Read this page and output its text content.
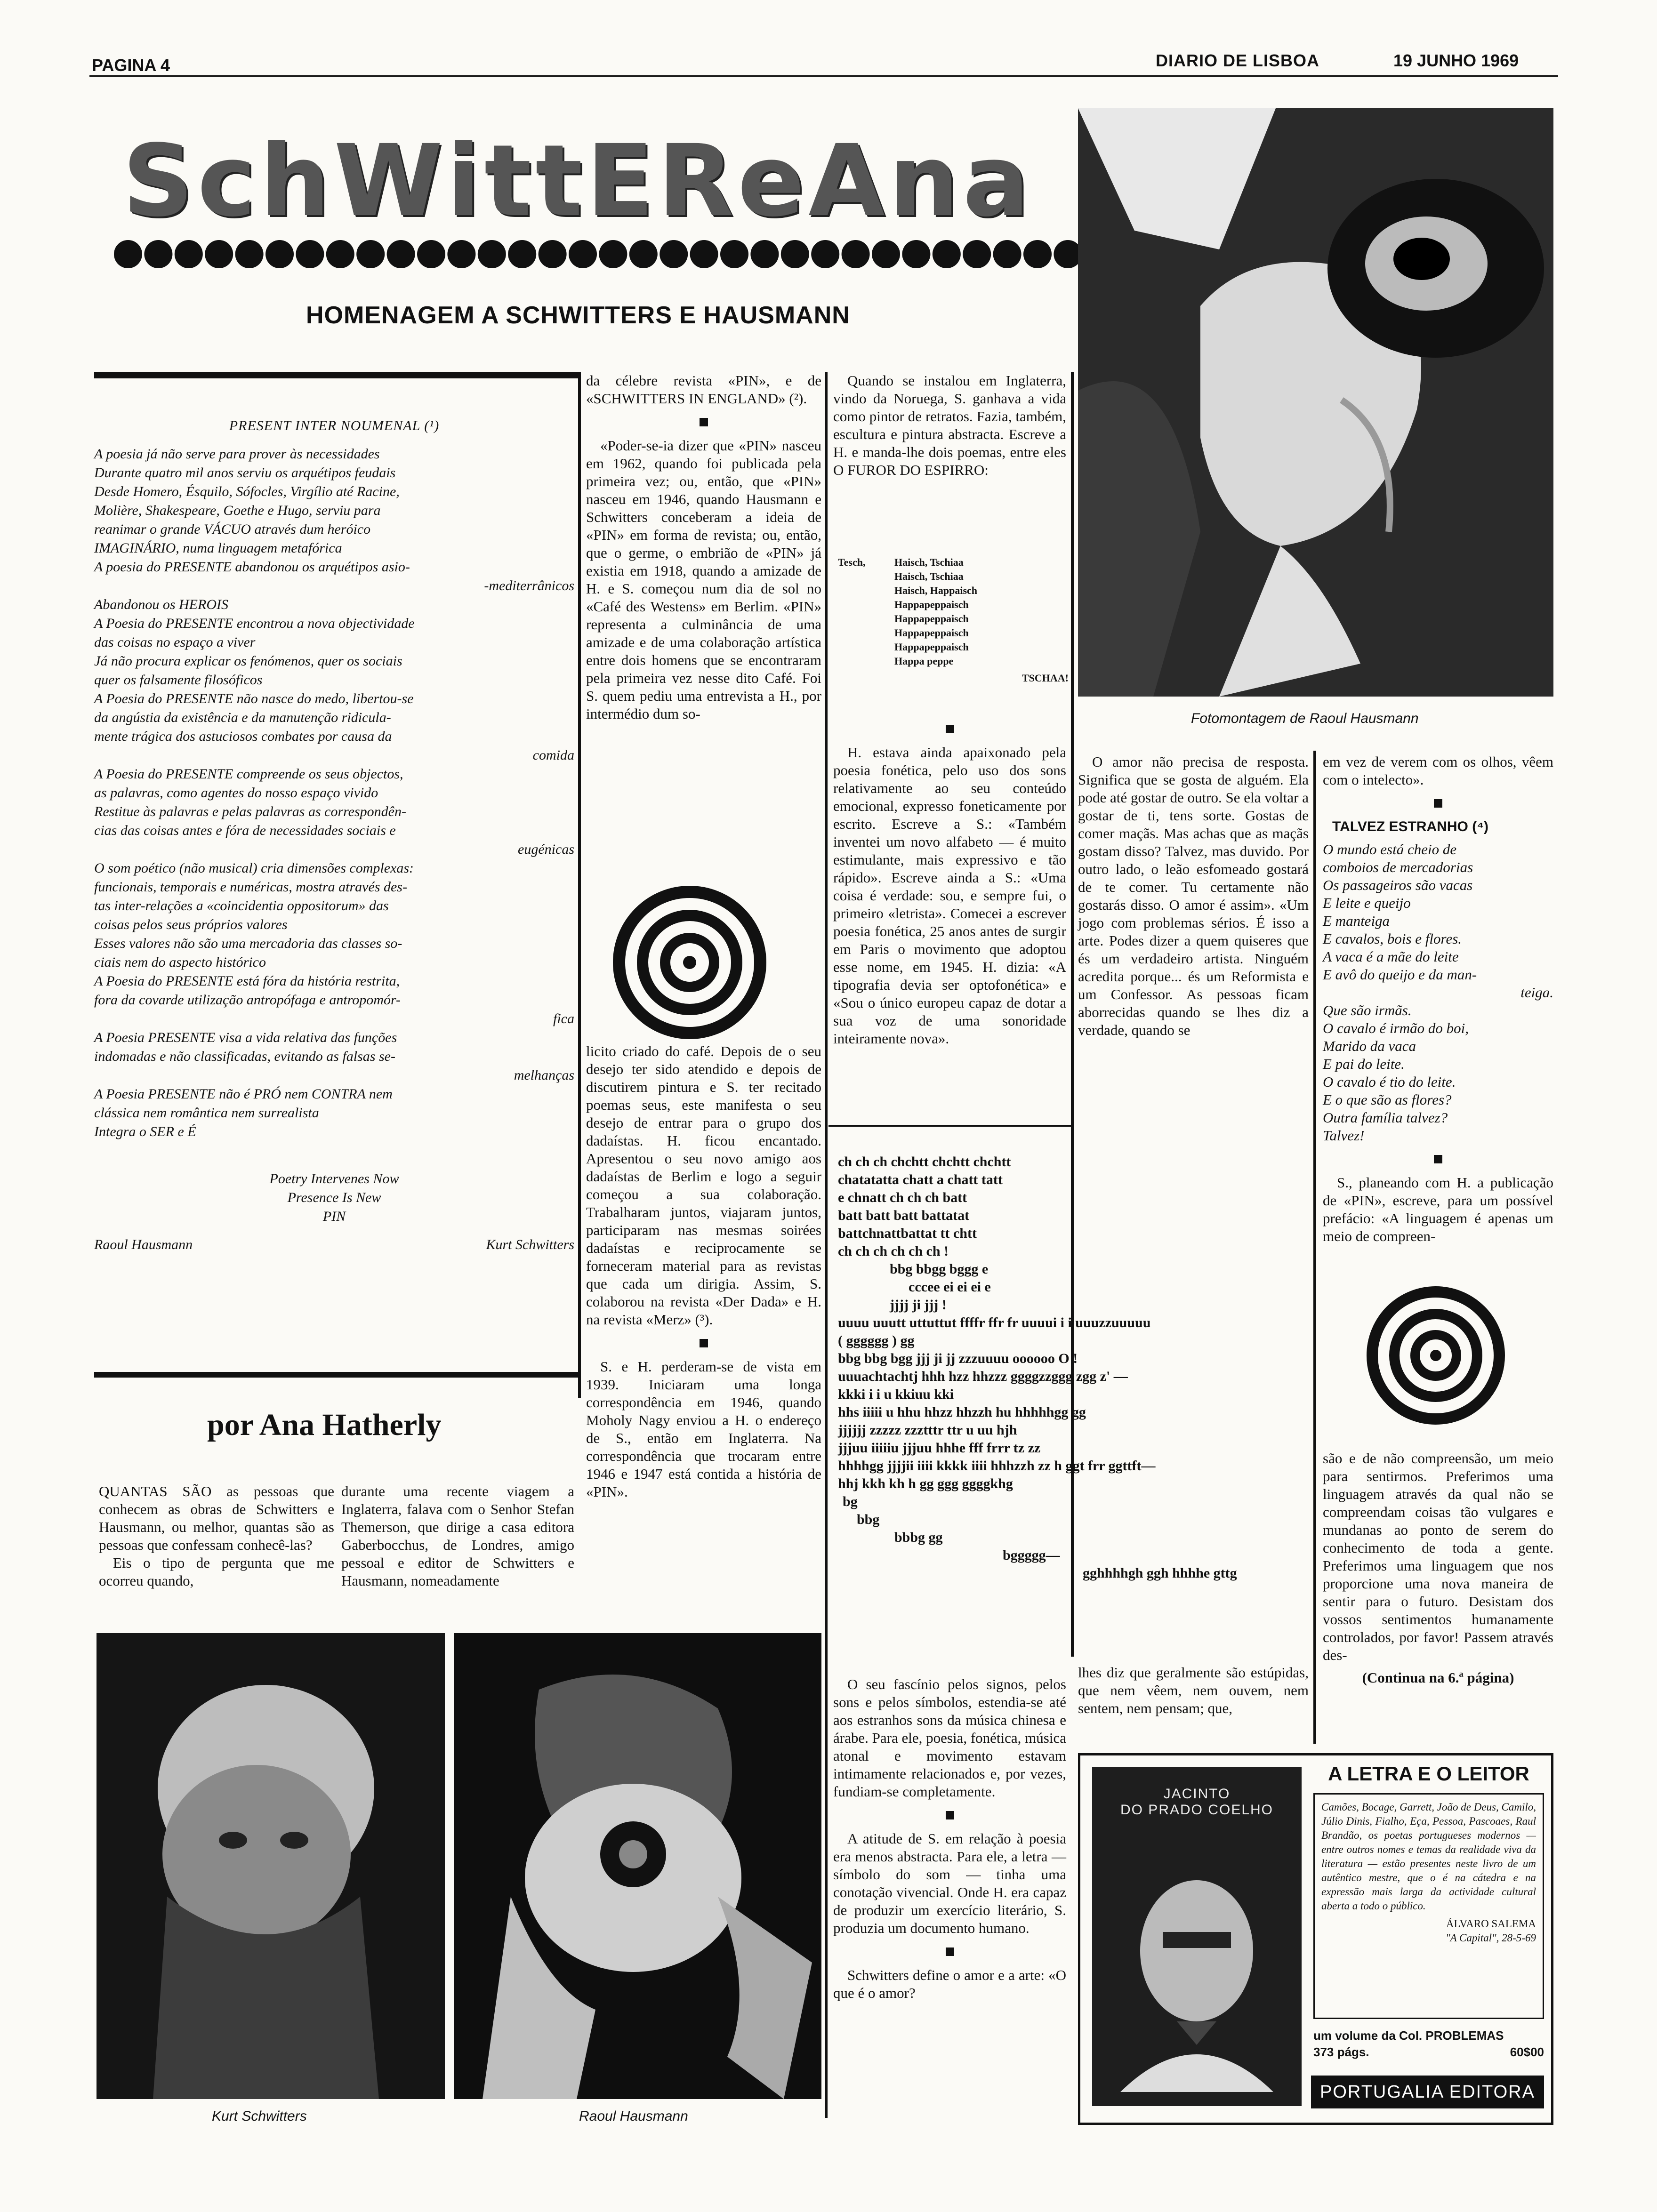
PAGINA 4	DIARIO DE LISBOA	19 JUNHO 1969
SchWittEReAna
HOMENAGEM A SCHWITTERS E HAUSMANN
PRESENT INTER NOUMENAL (¹)
A poesia já não serve para prover às necessidades
Durante quatro mil anos serviu os arquétipos feudais
Desde Homero, Ésquilo, Sófocles, Virgílio até Racine,
Molière, Shakespeare, Goethe e Hugo, serviu para
reanimar o grande VÁCUO através dum heróico
IMAGINÁRIO, numa linguagem metafórica
A poesia do PRESENTE abandonou os arquétipos asio-
-mediterrânicos
Abandonou os HEROIS
A Poesia do PRESENTE encontrou a nova objectividade
das coisas no espaço a viver
Já não procura explicar os fenómenos, quer os sociais
quer os falsamente filosóficos
A Poesia do PRESENTE não nasce do medo, libertou-se
da angústia da existência e da manutenção ridicula-
mente trágica dos astuciosos combates por causa da
comida
A Poesia do PRESENTE compreende os seus objectos,
as palavras, como agentes do nosso espaço vivido
Restitue às palavras e pelas palavras as correspondên-
cias das coisas antes e fóra de necessidades sociais e
eugénicas
O som poético (não musical) cria dimensões complexas:
funcionais, temporais e numéricas, mostra através des-
tas inter-relações a «coincidentia oppositorum» das
coisas pelos seus próprios valores
Esses valores não são uma mercadoria das classes so-
ciais nem do aspecto histórico
A Poesia do PRESENTE está fóra da história restrita,
fora da covarde utilização antropófaga e antropomór-
fica
A Poesia PRESENTE visa a vida relativa das funções
indomadas e não classificadas, evitando as falsas se-
melhanças
A Poesia PRESENTE não é PRÓ nem CONTRA nem
clássica nem romântica nem surrealista
Integra o SER e É
Poetry Intervenes Now
Presence Is New
PIN
Raoul Hausmann	Kurt Schwitters
por Ana Hatherly

QUANTAS SÃO as pessoas que conhecem as obras de Schwitters e Hausmann, ou melhor, quantas são as pessoas que confessam conhecê-las?

Eis o tipo de pergunta que me ocorreu quando,

durante uma recente viagem a Inglaterra, falava com o Senhor Stefan Themerson, que dirige a casa editora Gaberbocchus, de Londres, amigo pessoal e editor de Schwitters e Hausmann, nomeadamente

da célebre revista «PIN», e de «SCHWITTERS IN ENGLAND» (²).

«Poder-se-ia dizer que «PIN» nasceu em 1962, quando foi publicada pela primeira vez; ou, então, que «PIN» nasceu em 1946, quando Hausmann e Schwitters conceberam a ideia de «PIN» em forma de revista; ou, então, que o germe, o embrião de «PIN» já existia em 1918, quando a amizade de H. e S. começou num dia de sol no «Café des Westens» em Berlim. «PIN» representa a culminância de uma amizade e de uma colaboração artística entre dois homens que se encontraram pela primeira vez nesse dito Café. Foi S. quem pediu uma entrevista a H., por intermédio dum so-

licito criado do café. Depois de o seu desejo ter sido atendido e depois de discutirem pintura e S. ter recitado poemas seus, este manifesta o seu desejo de entrar para o grupo dos dadaístas. H. ficou encantado. Apresentou o seu novo amigo aos dadaístas de Berlim e logo a seguir começou a sua colaboração. Trabalharam juntos, viajaram juntos, participaram nas mesmas soirées dadaístas e reciprocamente se forneceram material para as revistas que cada um dirigia. Assim, S. colaborou na revista «Der Dada» e H. na revista «Merz» (³).

S. e H. perderam-se de vista em 1939. Iniciaram uma longa correspondência em 1946, quando Moholy Nagy enviou a H. o endereço de S., então em Inglaterra. Na correspondência que trocaram entre 1946 e 1947 está contida a história de «PIN».

Quando se instalou em Inglaterra, vindo da Noruega, S. ganhava a vida como pintor de retratos. Fazia, também, escultura e pintura abstracta. Escreve a H. e manda-lhe dois poemas, entre eles O FUROR DO ESPIRRO:

Tesch,	Haisch, Tschiaa
Haisch, Tschiaa
Haisch, Happaisch
Happapeppaisch
Happapeppaisch
Happapeppaisch
Happapeppaisch
Happa peppe
TSCHAA!

H. estava ainda apaixonado pela poesia fonética, pelo uso dos sons relativamente ao seu conteúdo emocional, expresso foneticamente por escrito. Escreve a S.: «Também inventei um novo alfabeto — é muito estimulante, mais expressivo e tão rápido». Escreve ainda a S.: «Uma coisa é verdade: sou, e sempre fui, o primeiro «letrista». Comecei a escrever poesia fonética, 25 anos antes de surgir em Paris o movimento que adoptou esse nome, em 1945. H. dizia: «A tipografia devia ser optofonética» e «Sou o único europeu capaz de dotar a sua voz de uma sonoridade inteiramente nova».

ch ch ch chchtt chchtt chchtt
chatatatta chatt a chatt tatt
e chnatt ch ch ch batt
batt batt batt battatat
battchnattbattat tt chtt
ch ch ch ch ch ch !
bbg bbgg bggg e
cccee ei ei ei e
jjjj ji jjj !
uuuu uuutt uttuttut ffffr ffr fr uuuui i i uuuzzuuuuu
( gggggg ) gg
bbg bbg bgg jjj ji jj zzzuuuu oooooo O !
uuuachtachtj hhh hzz hhzzz ggggzzggg zgg z' —
kkki i i u kkiuu kki
hhs iiiii u hhu hhzz hhzzh hu hhhhhgg gg
jjjjjj zzzzz zzztttr ttr u uu hjh
jjjuu iiiiiu jjjuu hhhe fff frrr tz zz
hhhhgg jjjjii iiii kkkk iiii hhhzzh zz h ggt frr ggttft—
hhj kkh kh h gg ggg ggggkhg
bg
bbg
bbbg gg
bggggg—
gghhhhgh ggh hhhhe gttg

O seu fascínio pelos signos, pelos sons e pelos símbolos, estendia-se até aos estranhos sons da música chinesa e árabe. Para ele, poesia, fonética, música atonal e movimento estavam intimamente relacionados e, por vezes, fundiam-se completamente.

A atitude de S. em relação à poesia era menos abstracta. Para ele, a letra — símbolo do som — tinha uma conotação vivencial. Onde H. era capaz de produzir um exercício literário, S. produzia um documento humano.

Schwitters define o amor e a arte: «O que é o amor?

Fotomontagem de Raoul Hausmann

O amor não precisa de resposta. Significa que se gosta de alguém. Ela pode até gostar de outro. Se ela voltar a gostar de ti, tens sorte. Gostas de comer maçãs. Mas achas que as maçãs gostam disso? Talvez, mas duvido. Por outro lado, o leão esfomeado gostará de te comer. Tu certamente não gostarás disso. O amor é assim». «Um jogo com problemas sérios. É isso a arte. Podes dizer a quem quiseres que és um verdadeiro artista. Ninguém acredita porque... és um Reformista e um Confessor. As pessoas ficam aborrecidas quando se lhes diz a verdade, quando se

lhes diz que geralmente são estúpidas, que nem vêem, nem ouvem, nem sentem, nem pensam; que,

em vez de verem com os olhos, vêem com o intelecto».

TALVEZ ESTRANHO (⁴)
O mundo está cheio de
comboios de mercadorias
Os passageiros são vacas
E leite e queijo
E manteiga
E cavalos, bois e flores.
A vaca é a mãe do leite
E avô do queijo e da man-
teiga.
Que são irmãs.
O cavalo é irmão do boi,
Marido da vaca
E pai do leite.
O cavalo é tio do leite.
E o que são as flores?
Outra família talvez?
Talvez!

S., planeando com H. a publicação de «PIN», escreve, para um possível prefácio: «A linguagem é apenas um meio de compreen-

são e de não compreensão, um meio para sentirmos. Preferimos uma linguagem através da qual não se compreendam coisas tão vulgares e mundanas ao ponto de serem do conhecimento de toda a gente. Preferimos uma linguagem que nos proporcione uma nova maneira de sentir para o futuro. Desistam dos vossos sentimentos humanamente controlados, por favor! Passem através des-

(Continua na 6.ª página)
Kurt Schwitters	Raoul Hausmann
JACINTO
DO PRADO COELHO
A LETRA E O LEITOR
Camões, Bocage, Garrett, João de Deus, Camilo, Júlio Dinis, Fialho, Eça, Pessoa, Pascoaes, Raul Brandão, os poetas portugueses modernos — entre outros nomes e temas da realidade viva da literatura — estão presentes neste livro de um autêntico mestre, que o é na cátedra e na expressão mais larga da actividade cultural aberta a todo o público.
ÁLVARO SALEMA
"A Capital", 28-5-69
um volume da Col. PROBLEMAS
373 págs.	60$00
PORTUGALIA EDITORA
